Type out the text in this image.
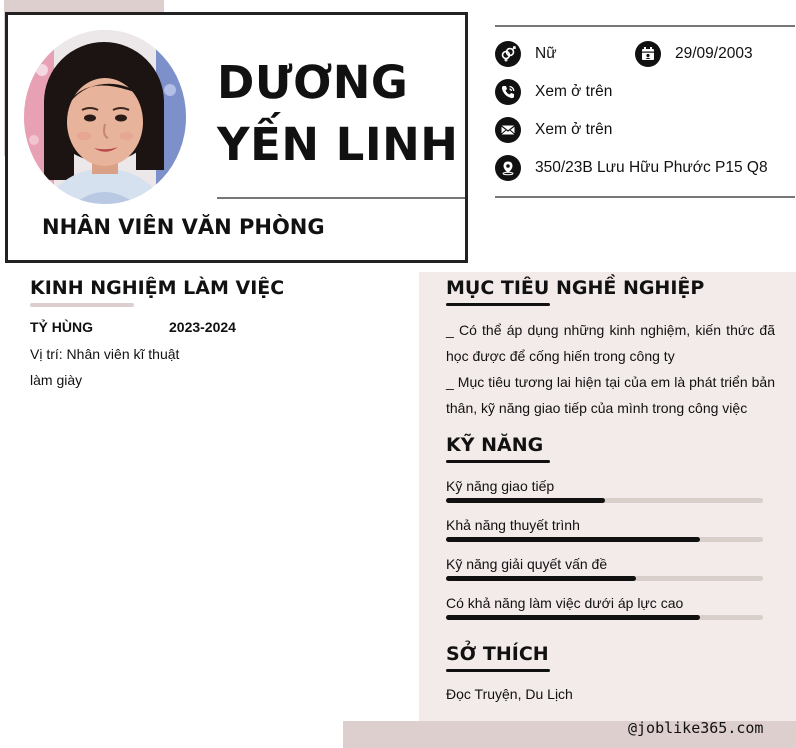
DƯƠNG
YẾN LINH
NHÂN VIÊN VĂN PHÒNG
Nữ	29/09/2003
Xem ở trên
Xem ở trên
350/23B Lưu Hữu Phước P15 Q8
KINH NGHIỆM LÀM VIỆC
TỶ HÙNG	2023-2024
Vị trí: Nhân viên kĩ thuật làm giày
MỤC TIÊU NGHỀ NGHIỆP
_ Có thể áp dụng những kinh nghiệm, kiến thức đã học được để cống hiến trong công ty
_ Mục tiêu tương lai hiện tại của em là phát triển bản thân, kỹ năng giao tiếp của mình trong công việc
KỸ NĂNG
Kỹ năng giao tiếp
Khả năng thuyết trình
Kỹ năng giải quyết vấn đề
Có khả năng làm việc dưới áp lực cao
SỞ THÍCH
Đọc Truyện, Du Lịch
@joblike365.com
